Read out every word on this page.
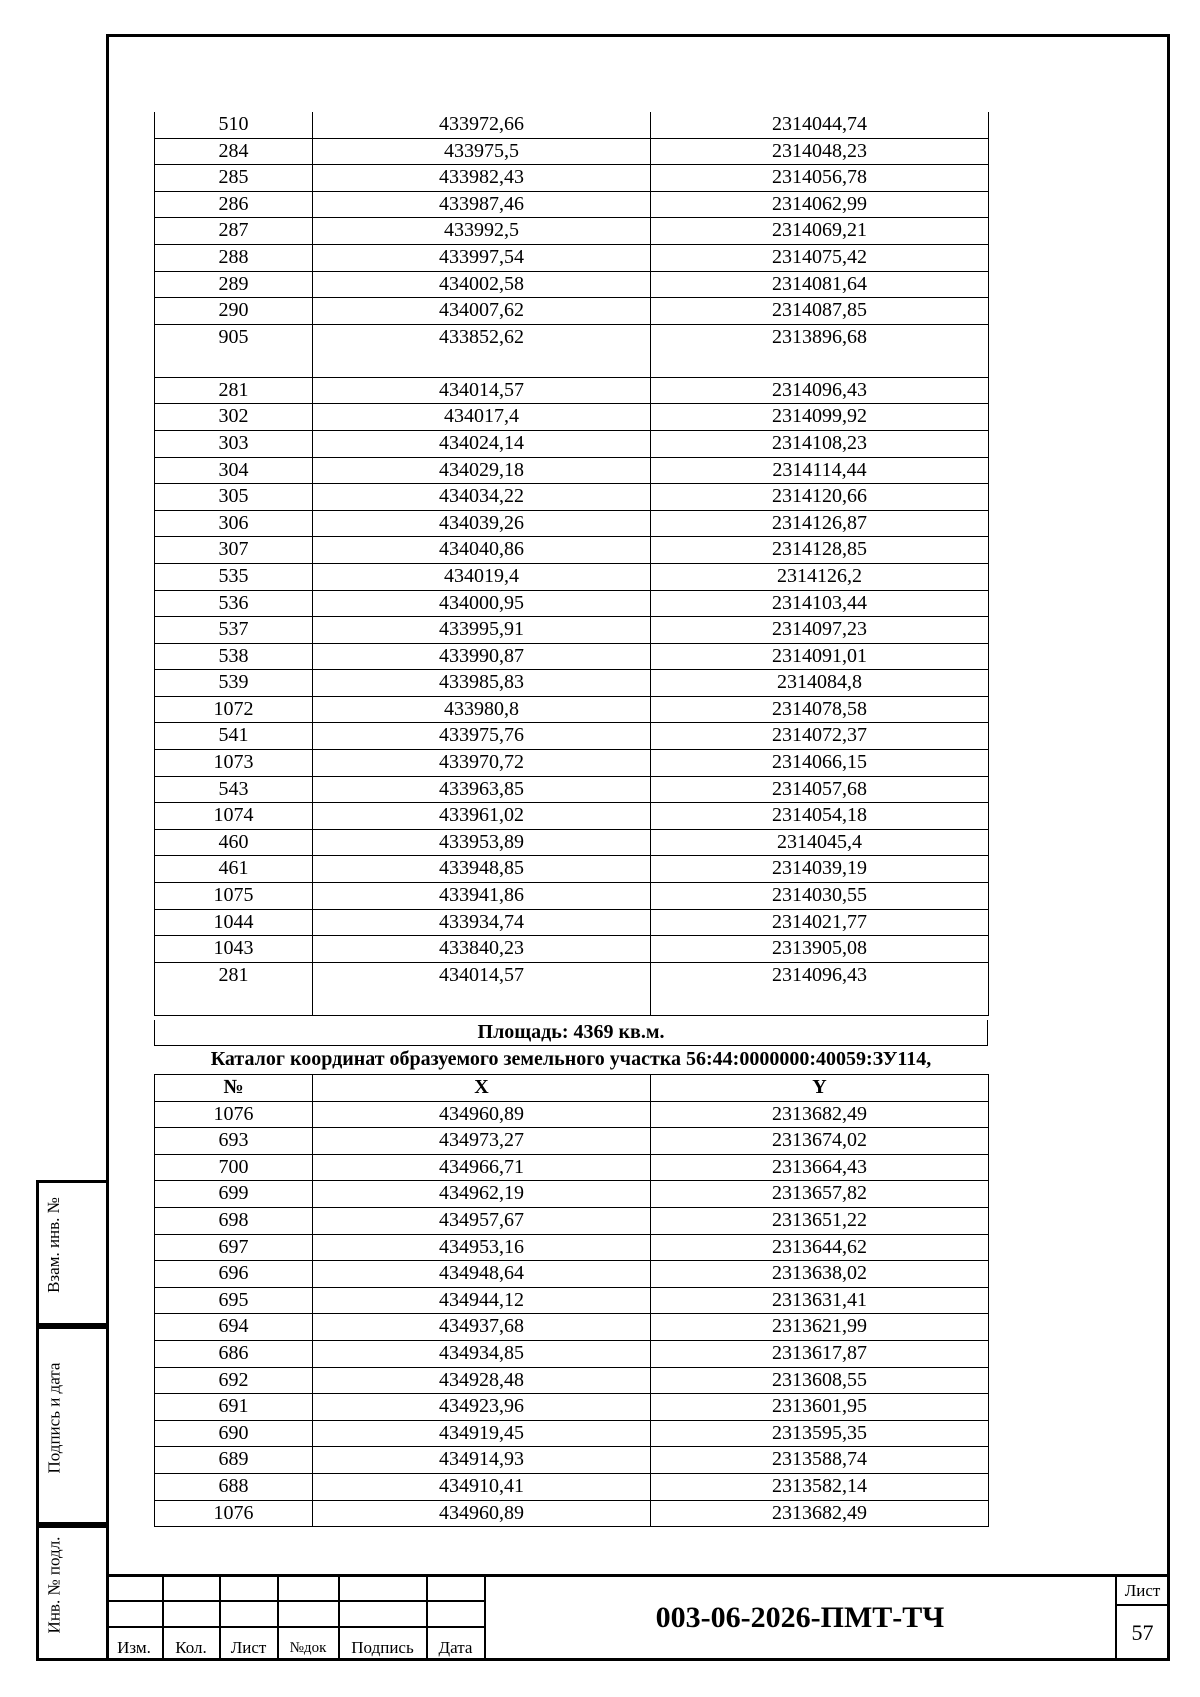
Взам. инв. №
Подпись и дата
Инв. № подл.
510	433972,66	2314044,74
284	433975,5	2314048,23
285	433982,43	2314056,78
286	433987,46	2314062,99
287	433992,5	2314069,21
288	433997,54	2314075,42
289	434002,58	2314081,64
290	434007,62	2314087,85
905	433852,62	2313896,68
281	434014,57	2314096,43
302	434017,4	2314099,92
303	434024,14	2314108,23
304	434029,18	2314114,44
305	434034,22	2314120,66
306	434039,26	2314126,87
307	434040,86	2314128,85
535	434019,4	2314126,2
536	434000,95	2314103,44
537	433995,91	2314097,23
538	433990,87	2314091,01
539	433985,83	2314084,8
1072	433980,8	2314078,58
541	433975,76	2314072,37
1073	433970,72	2314066,15
543	433963,85	2314057,68
1074	433961,02	2314054,18
460	433953,89	2314045,4
461	433948,85	2314039,19
1075	433941,86	2314030,55
1044	433934,74	2314021,77
1043	433840,23	2313905,08
281	434014,57	2314096,43
Площадь: 4369 кв.м.
Каталог координат образуемого земельного участка 56:44:0000000:40059:ЗУ114,
№	X	Y
1076	434960,89	2313682,49
693	434973,27	2313674,02
700	434966,71	2313664,43
699	434962,19	2313657,82
698	434957,67	2313651,22
697	434953,16	2313644,62
696	434948,64	2313638,02
695	434944,12	2313631,41
694	434937,68	2313621,99
686	434934,85	2313617,87
692	434928,48	2313608,55
691	434923,96	2313601,95
690	434919,45	2313595,35
689	434914,93	2313588,74
688	434910,41	2313582,14
1076	434960,89	2313682,49
Изм.	Кол.	Лист	№док	Подпись	Дата
003-06-2026-ПМТ-ТЧ
Лист
57
